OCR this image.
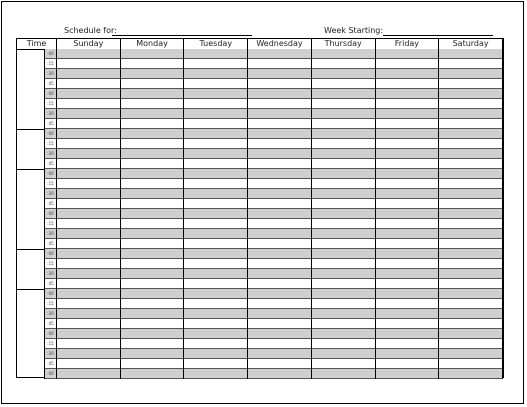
Schedule for:	Week Starting:
Time	Sunday	Monday	Tuesday	Wednesday	Thursday	Friday	Saturday
:00
:15
:30
:45
:00
:15
:30
:45
:00
:15
:30
:45
:00
:15
:30
:45
:00
:15
:30
:45
:00
:15
:30
:45
:00
:15
:30
:45
:00
:15
:30
:45
:00
